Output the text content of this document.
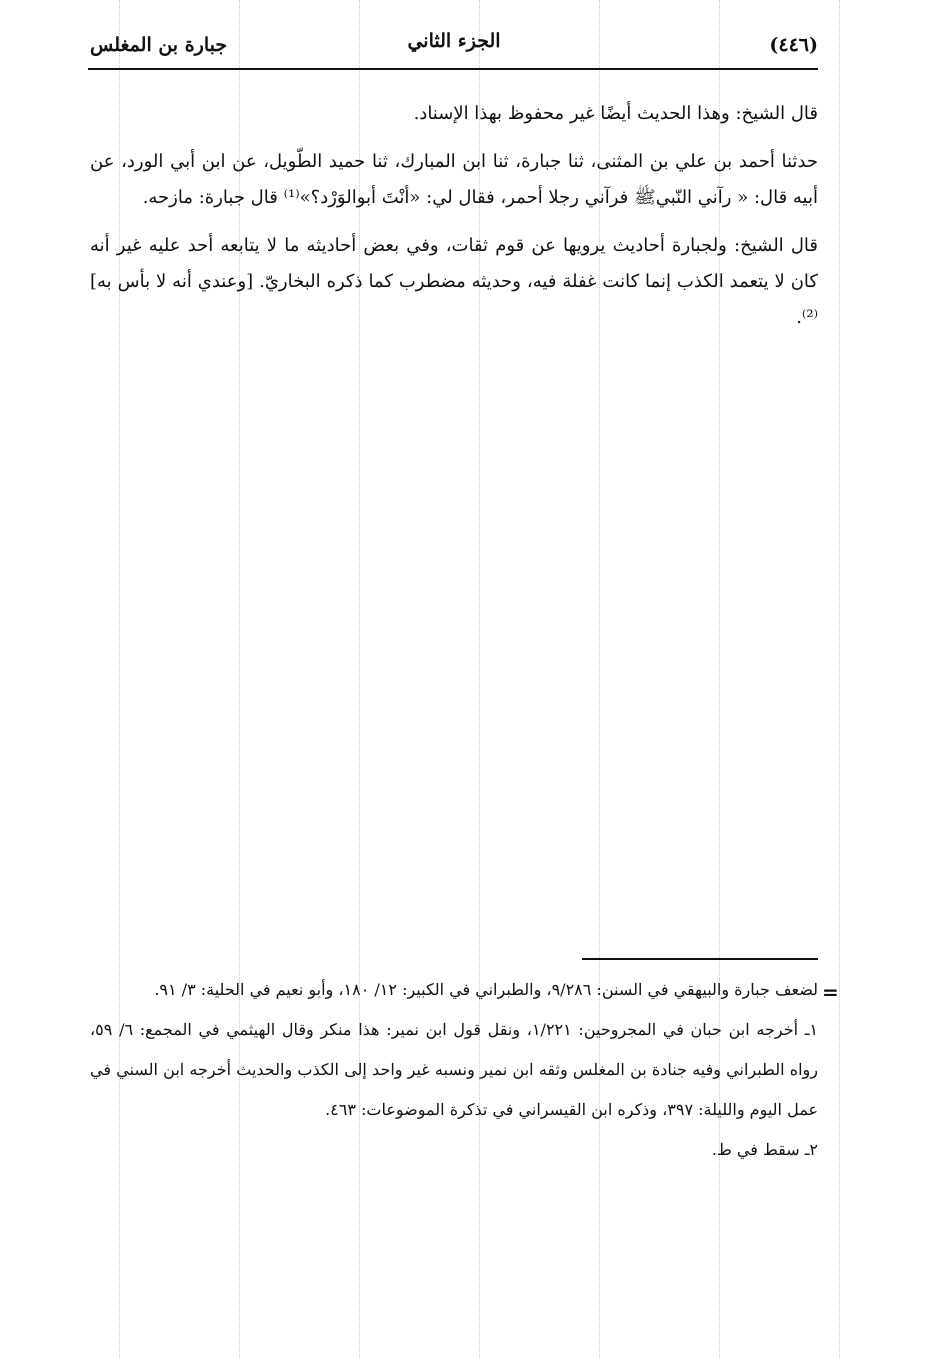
(٤٤٦)
الجزء الثاني
جبارة بن المغلس

قال الشيخ: وهذا الحديث أيضًا غير محفوظ بهذا الإسناد.

حدثنا أحمد بن علي بن المثنى، ثنا جبارة، ثنا ابن المبارك، ثنا حميد الطّويل، عن ابن أبي الورد، عن أبيه قال: « رآني النّبيﷺ فرآني رجلا أحمر، فقال لي: «أنْتَ أبوالوَرْد؟»⁽¹⁾ قال جبارة: مازحه.

قال الشيخ: ولجبارة أحاديث يرويها عن قوم ثقات، وفي بعض أحاديثه ما لا يتابعه أحد عليه غير أنه كان لا يتعمد الكذب إنما كانت غفلة فيه، وحديثه مضطرب كما ذكره البخاريّ. [وعندي أنه لا بأس به]⁽²⁾.

=

لضعف جبارة والبيهقي في السنن: ٩/٢٨٦، والطبراني في الكبير: ١٢/ ١٨٠، وأبو نعيم في الحلية: ٣/ ٩١.

١ـ أخرجه ابن حبان في المجروحين: ١/٢٢١، ونقل قول ابن نمير: هذا منكر وقال الهيثمي في المجمع: ٦/ ٥٩، رواه الطبراني وفيه جنادة بن المغلس وثقه ابن نمير ونسبه غير واحد إلى الكذب والحديث أخرجه ابن السني في عمل اليوم والليلة: ٣٩٧، وذكره ابن القيسراني في تذكرة الموضوعات: ٤٦٣.

٢ـ سقط في ط.
